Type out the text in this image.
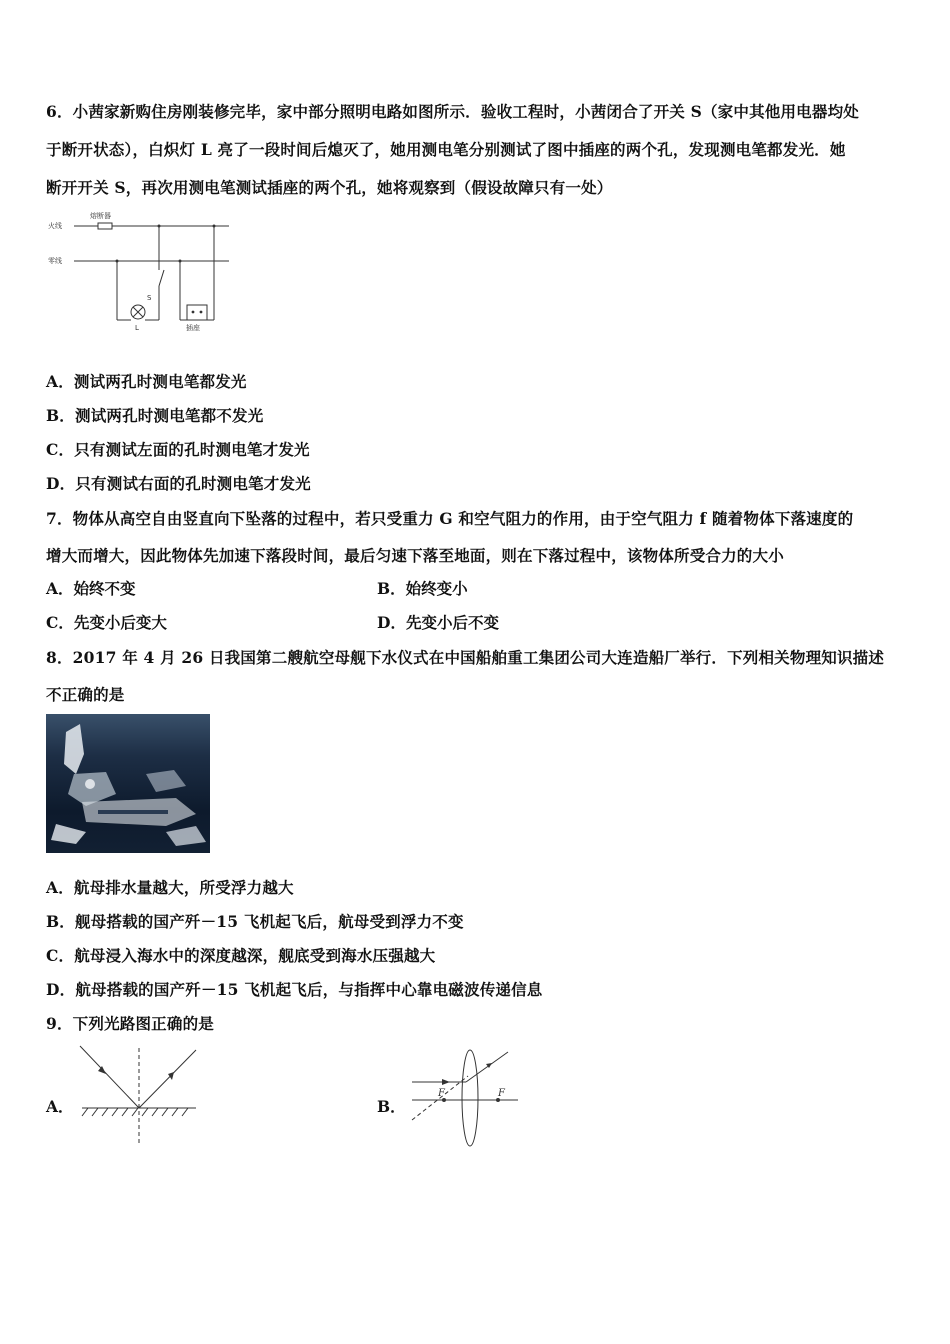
6．小茜家新购住房刚装修完毕，家中部分照明电路如图所示．验收工程时，小茜闭合了开关 S（家中其他用电器均处
于断开状态），白炽灯 L 亮了一段时间后熄灭了，她用测电笔分别测试了图中插座的两个孔，发现测电笔都发光．她
断开开关 S，再次用测电笔测试插座的两个孔，她将观察到（假设故障只有一处）
火线
零线
熔断器
S
L	插座
A．测试两孔时测电笔都发光
B．测试两孔时测电笔都不发光
C．只有测试左面的孔时测电笔才发光
D．只有测试右面的孔时测电笔才发光
7．物体从高空自由竖直向下坠落的过程中，若只受重力 G 和空气阻力的作用，由于空气阻力 f 随着物体下落速度的
增大而增大，因此物体先加速下落段时间，最后匀速下落至地面，则在下落过程中，该物体所受合力的大小
A．始终不变	B．始终变小
C．先变小后变大	D．先变小后不变
8．2017 年 4 月 26 日我国第二艘航空母舰下水仪式在中国船舶重工集团公司大连造船厂举行．下列相关物理知识描述
不正确的是
A．航母排水量越大，所受浮力越大
B．舰母搭载的国产歼－15 飞机起飞后，航母受到浮力不变
C．航母浸入海水中的深度越深，舰底受到海水压强越大
D．航母搭载的国产歼－15 飞机起飞后，与指挥中心靠电磁波传递信息
9．下列光路图正确的是
A．	B．
F	F
